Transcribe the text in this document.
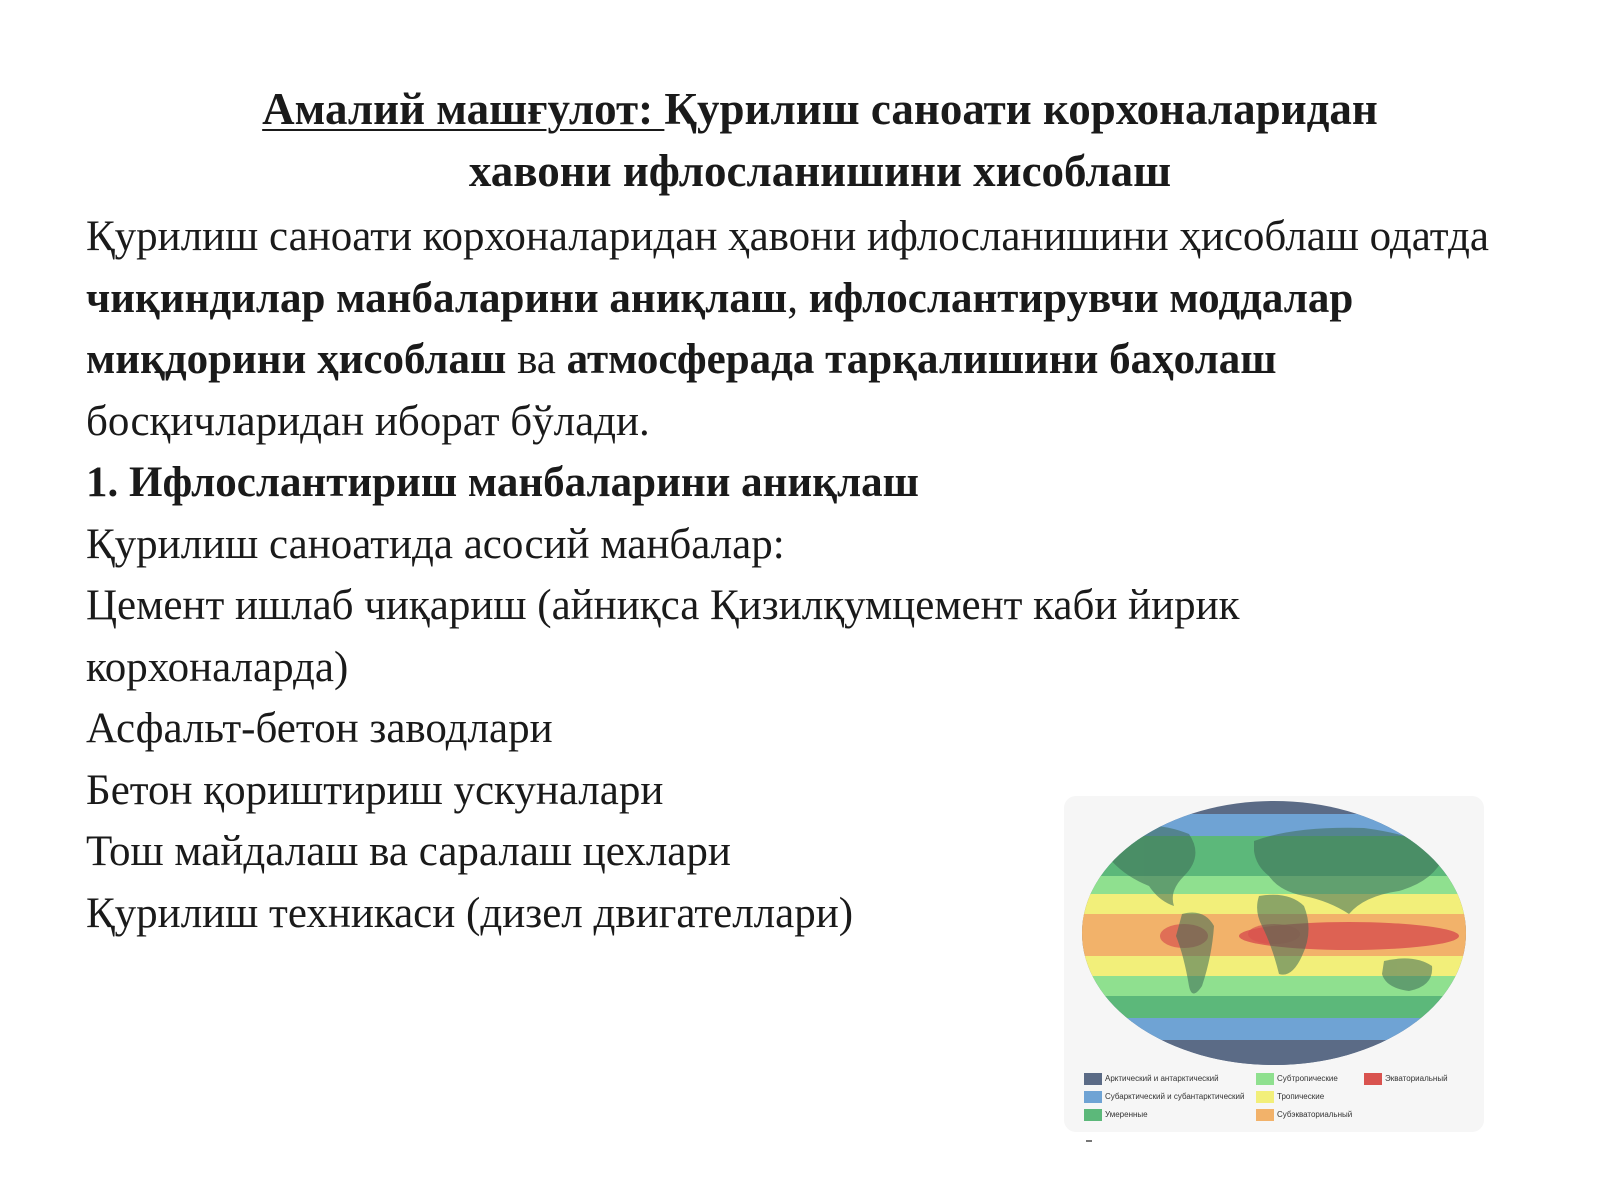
Амалий машғулот: Қурилиш саноати корхоналаридан
хавони ифлосланишини хисоблаш

Қурилиш саноати корхоналаридан ҳавони ифлосланишини ҳисоблаш одатда чиқиндилар манбаларини аниқлаш, ифлослантирувчи моддалар миқдорини ҳисоблаш ва атмосферада тарқалишини баҳолаш босқичларидан иборат бўлади.

1. Ифлослантириш манбаларини аниқлаш

Қурилиш саноатида асосий манбалар:

Цемент ишлаб чиқариш (айниқса Қизилқумцемент каби йирик корхоналарда)

Асфальт-бетон заводлари

Бетон қориштириш ускуналари

Тош майдалаш ва саралаш цехлари

Қурилиш техникаси (дизел двигателлари)

Арктический и антарктический
Субарктический и субантарктический
Умеренные
Субтропические
Тропические
Субэкваториальный
Экваториальный
